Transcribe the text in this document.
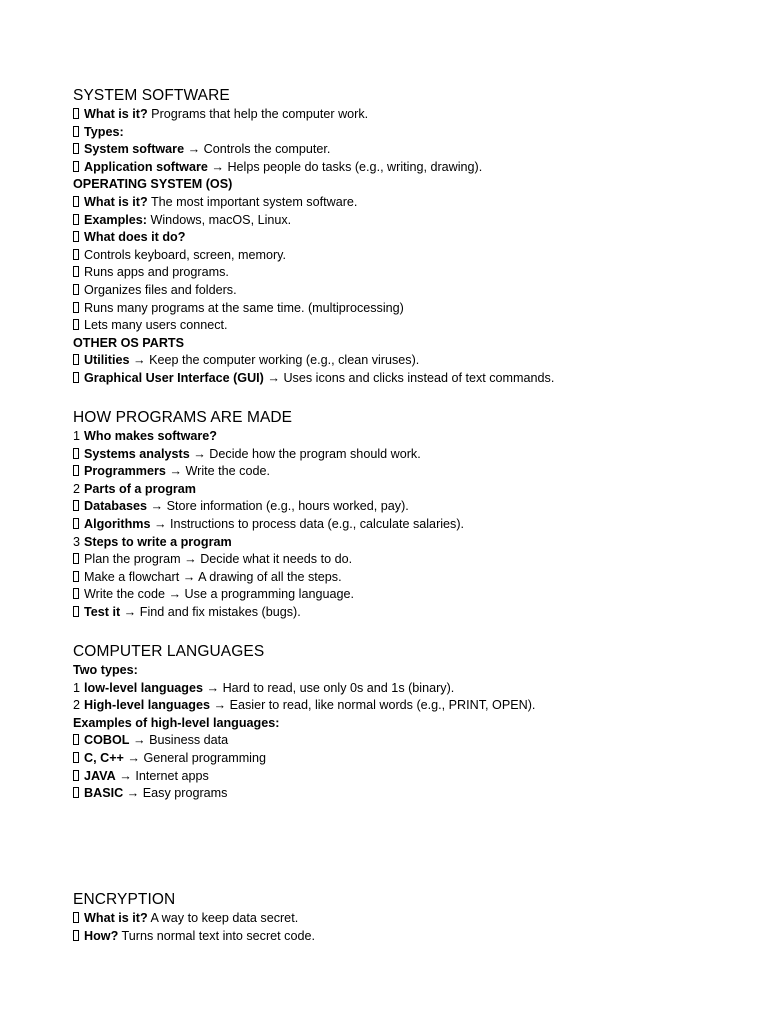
SYSTEM SOFTWARE
What is it? Programs that help the computer work.
Types:
System software → Controls the computer.
Application software → Helps people do tasks (e.g., writing, drawing).
OPERATING SYSTEM (OS)
What is it? The most important system software.
Examples: Windows, macOS, Linux.
What does it do?
Controls keyboard, screen, memory.
Runs apps and programs.
Organizes files and folders.
Runs many programs at the same time. (multiprocessing)
Lets many users connect.
OTHER OS PARTS
Utilities → Keep the computer working (e.g., clean viruses).
Graphical User Interface (GUI) → Uses icons and clicks instead of text commands.
HOW PROGRAMS ARE MADE
1 Who makes software?
Systems analysts → Decide how the program should work.
Programmers → Write the code.
2 Parts of a program
Databases → Store information (e.g., hours worked, pay).
Algorithms → Instructions to process data (e.g., calculate salaries).
3 Steps to write a program
Plan the program → Decide what it needs to do.
Make a flowchart → A drawing of all the steps.
Write the code → Use a programming language.
Test it → Find and fix mistakes (bugs).
COMPUTER LANGUAGES
Two types:
1 low-level languages → Hard to read, use only 0s and 1s (binary).
2 High-level languages → Easier to read, like normal words (e.g., PRINT, OPEN).
Examples of high-level languages:
COBOL → Business data
C, C++ → General programming
JAVA → Internet apps
BASIC → Easy programs
ENCRYPTION
What is it? A way to keep data secret.
How? Turns normal text into secret code.
